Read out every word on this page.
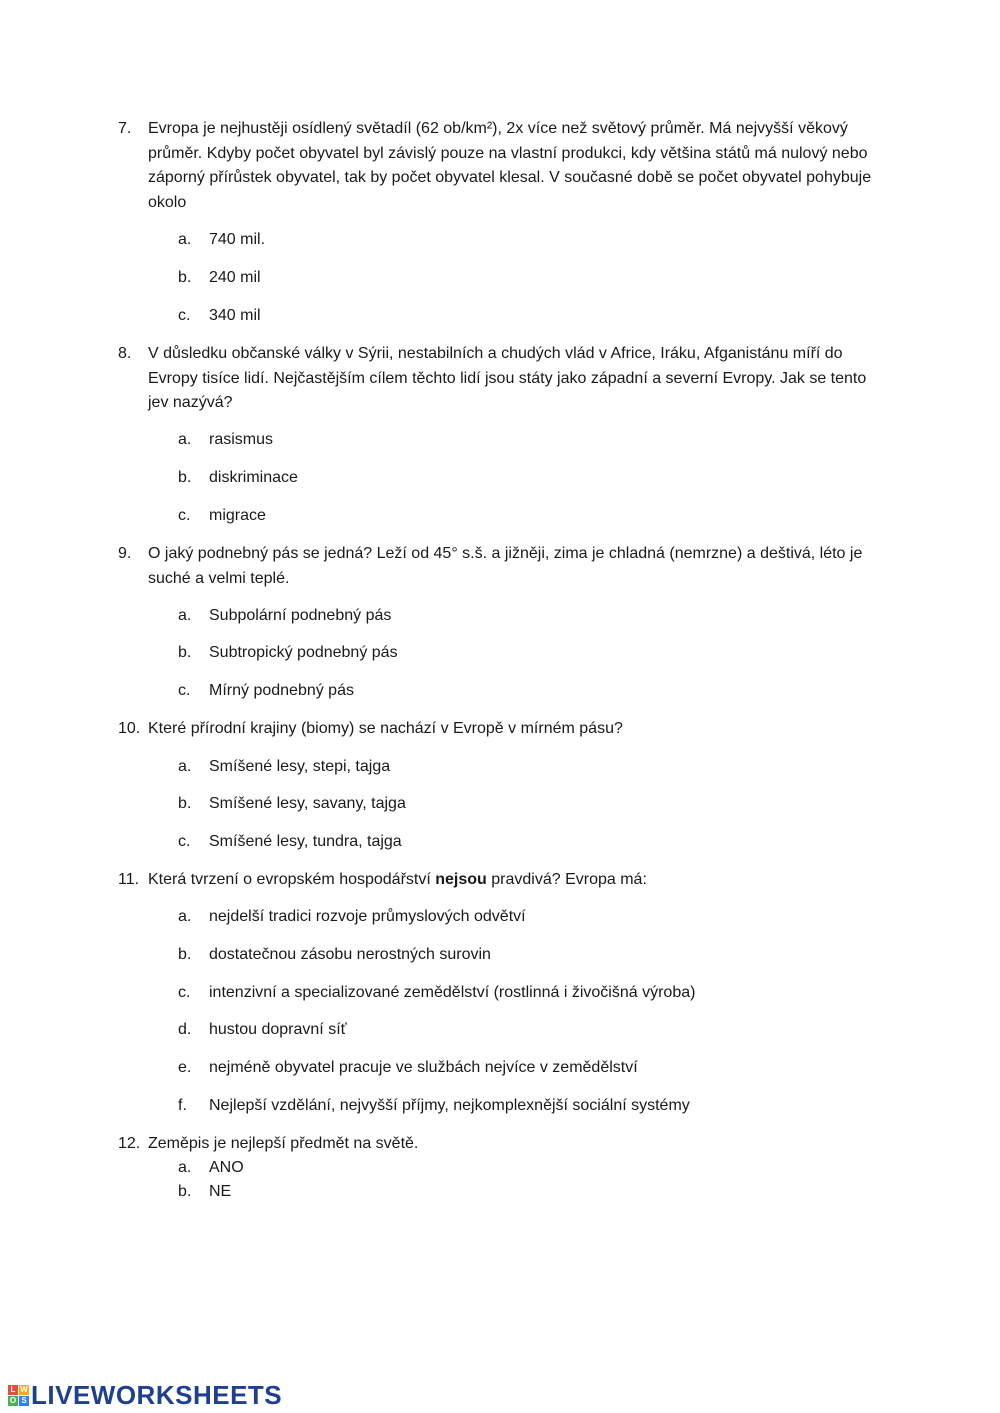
7. Evropa je nejhustěji osídlený světadíl (62 ob/km²), 2x více než světový průměr. Má nejvyšší věkový průměr. Kdyby počet obyvatel byl závislý pouze na vlastní produkci, kdy většina států má nulový nebo záporný přírůstek obyvatel, tak by počet obyvatel klesal. V současné době se počet obyvatel pohybuje okolo
a. 740 mil.
b. 240 mil
c. 340 mil
8. V důsledku občanské války v Sýrii, nestabilních a chudých vlád v Africe, Iráku, Afganistánu míří do Evropy tisíce lidí. Nejčastějším cílem těchto lidí jsou státy jako západní a severní Evropy. Jak se tento jev nazývá?
a. rasismus
b. diskriminace
c. migrace
9. O jaký podnebný pás se jedná? Leží od 45° s.š. a jižněji, zima je chladná (nemrzne) a deštivá, léto je suché a velmi teplé.
a. Subpolární podnebný pás
b. Subtropický podnebný pás
c. Mírný podnebný pás
10. Které přírodní krajiny (biomy) se nachází v Evropě v mírném pásu?
a. Smíšené lesy, stepi, tajga
b. Smíšené lesy, savany, tajga
c. Smíšené lesy, tundra, tajga
11. Která tvrzení o evropském hospodářství nejsou pravdivá? Evropa má:
a. nejdelší tradici rozvoje průmyslových odvětví
b. dostatečnou zásobu nerostných surovin
c. intenzivní a specializované zemědělství (rostlinná i živočišná výroba)
d. hustou dopravní síť
e. nejméně obyvatel pracuje ve službách nejvíce v zemědělství
f. Nejlepší vzdělání, nejvyšší příjmy, nejkomplexnější sociální systémy
12. Zeměpis je nejlepší předmět na světě.
a. ANO
b. NE
L W
O S LIVEWORKSHEETS
